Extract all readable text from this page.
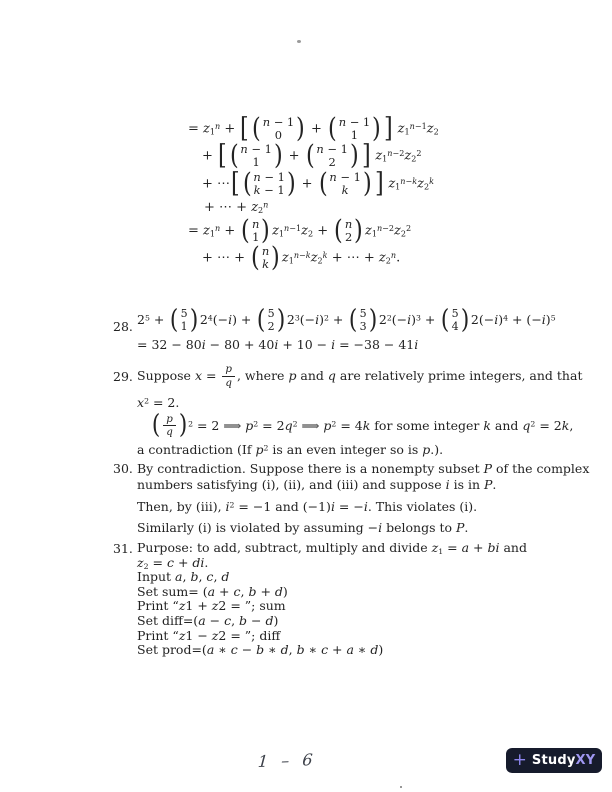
= $z_1^n$ + [ ( n − 1
0 ) + ( n − 1
1 ) ] $z_1^{n-1}z_2$
+ [ ( n − 1
1 ) + ( n − 1
2 ) ] $z_1^{n-2}z_2^2$
+ ⋯[ ( n − 1
k − 1 ) + ( n − 1
k ) ] $z_1^{n-k}z_2^k$
+ ⋯ + $z_2^n$
= $z_1^n$ + ( n
1 ) $z_1^{n-1}z_2$ + ( n
2 ) $z_1^{n-2}z_2^2$
+ ⋯ + ( n
k ) $z_1^{n-k}z_2^k$ + ⋯ + $z_2^n$.
28. $2^5$ + ( 5
1 ) $2^4(-i)$ + ( 5
2 ) $2^3(-i)^2$ + ( 5
3 ) $2^2(-i)^3$ + ( 5
4 ) $2(-i)^4 + (-i)^5$
= 32 − 80i − 80 + 40i + 10 − i = −38 − 41i
29. Suppose $x = \frac{p}{q}$ , where p and q are relatively prime integers, and that
$x^2 = 2$.
( $\frac{p}{q} )^2 = 2$ ⟹ $p^2 = 2q^2$ ⟹ $p^2 = 4k$ for some integer k and $q^2 = 2k$,
a contradiction (If $p^2$ is an even integer so is p.).
30. By contradiction. Suppose there is a nonempty subset P of the complex
numbers satisfying (i), (ii), and (iii) and suppose i is in P.
Then, by (iii), $i^2 = -1$ and (−1)i = −i. This violates (i).
Similarly (i) is violated by assuming −i belongs to P.
31. Purpose: to add, subtract, multiply and divide $z_1 = a$ + bi and
$z_2 = c$ + di.
Input a, b, c, d
Set sum= (a + c, b + d)
Print “z1 + z2 = ”; sum
Set diff=(a − c, b − d)
Print “z1 − z2 = ”; diff
Set prod=(a ∗ c − b ∗ d, b ∗ c + a ∗ d)
1 – 6	+ Study XY
